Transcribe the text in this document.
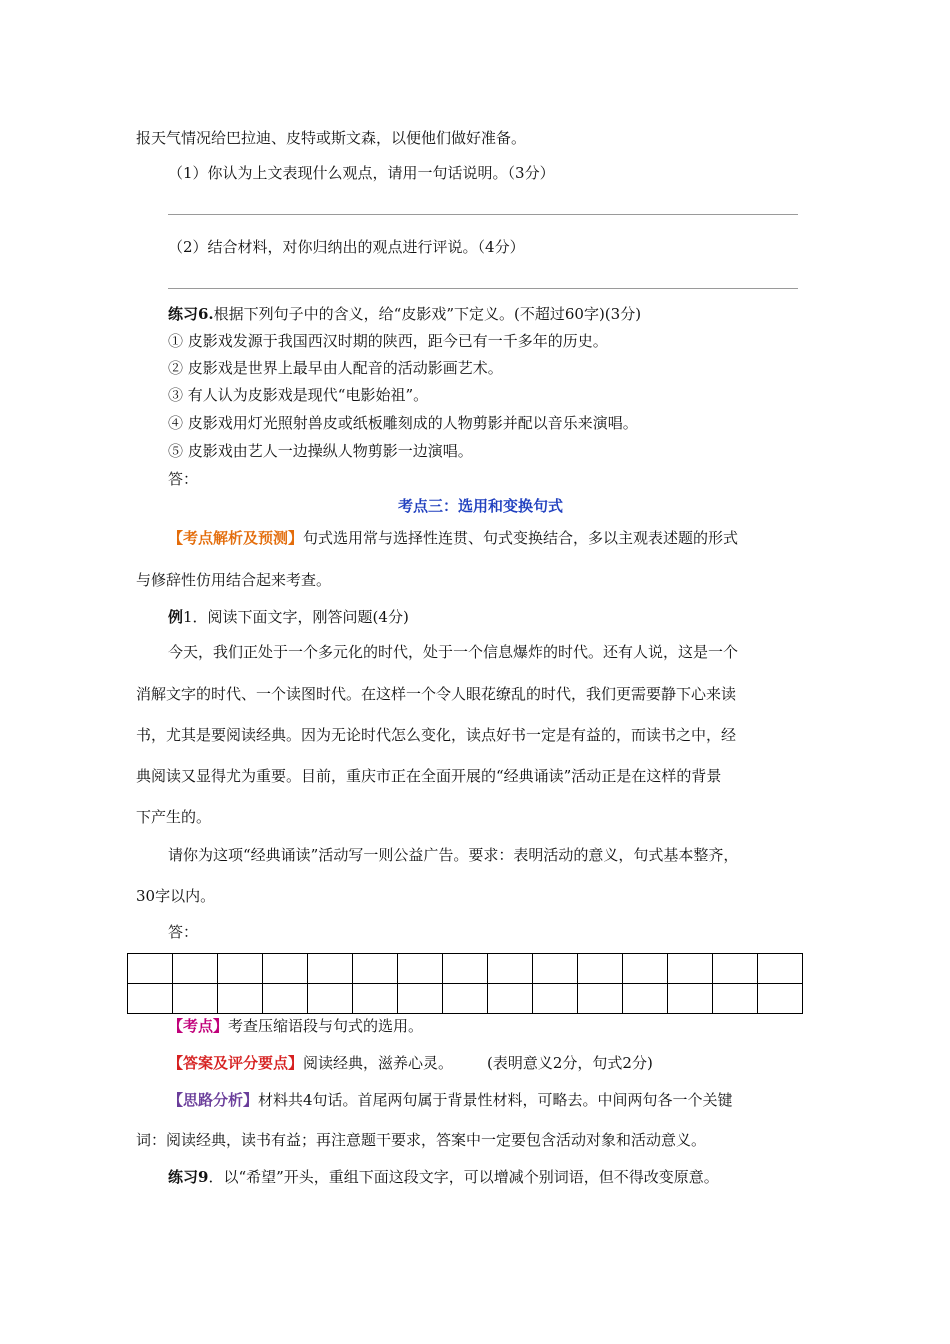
报天气情况给巴拉迪、皮特或斯文森，以便他们做好准备。
（1）你认为上文表现什么观点，请用一句话说明。（3分）
（2）结合材料，对你归纳出的观点进行评说。（4分）
练习6.根据下列句子中的含义，给“皮影戏”下定义。(不超过60字)(3分)
① 皮影戏发源于我国西汉时期的陕西，距今已有一千多年的历史。
② 皮影戏是世界上最早由人配音的活动影画艺术。
③ 有人认为皮影戏是现代“电影始祖”。
④ 皮影戏用灯光照射兽皮或纸板雕刻成的人物剪影并配以音乐来演唱。
⑤ 皮影戏由艺人一边操纵人物剪影一边演唱。
答：
考点三：选用和变换句式
【考点解析及预测】句式选用常与选择性连贯、句式变换结合，多以主观表述题的形式
与修辞性仿用结合起来考查。
例1．阅读下面文字，刚答问题(4分)
今天，我们正处于一个多元化的时代，处于一个信息爆炸的时代。还有人说，这是一个
消解文字的时代、一个读图时代。在这样一个令人眼花缭乱的时代，我们更需要静下心来读
书，尤其是要阅读经典。因为无论时代怎么变化，读点好书一定是有益的，而读书之中，经
典阅读又显得尤为重要。目前，重庆市正在全面开展的“经典诵读”活动正是在这样的背景
下产生的。
请你为这项“经典诵读”活动写一则公益广告。要求：表明活动的意义，句式基本整齐，
30字以内。
答：

【考点】考查压缩语段与句式的选用。
【答案及评分要点】阅读经典，滋养心灵。 (表明意义2分，句式2分)
【思路分析】材料共4句话。首尾两句属于背景性材料，可略去。中间两句各一个关键
词：阅读经典，读书有益；再注意题干要求，答案中一定要包含活动对象和活动意义。
练习9．以“希望”开头，重组下面这段文字，可以增减个别词语，但不得改变原意。
